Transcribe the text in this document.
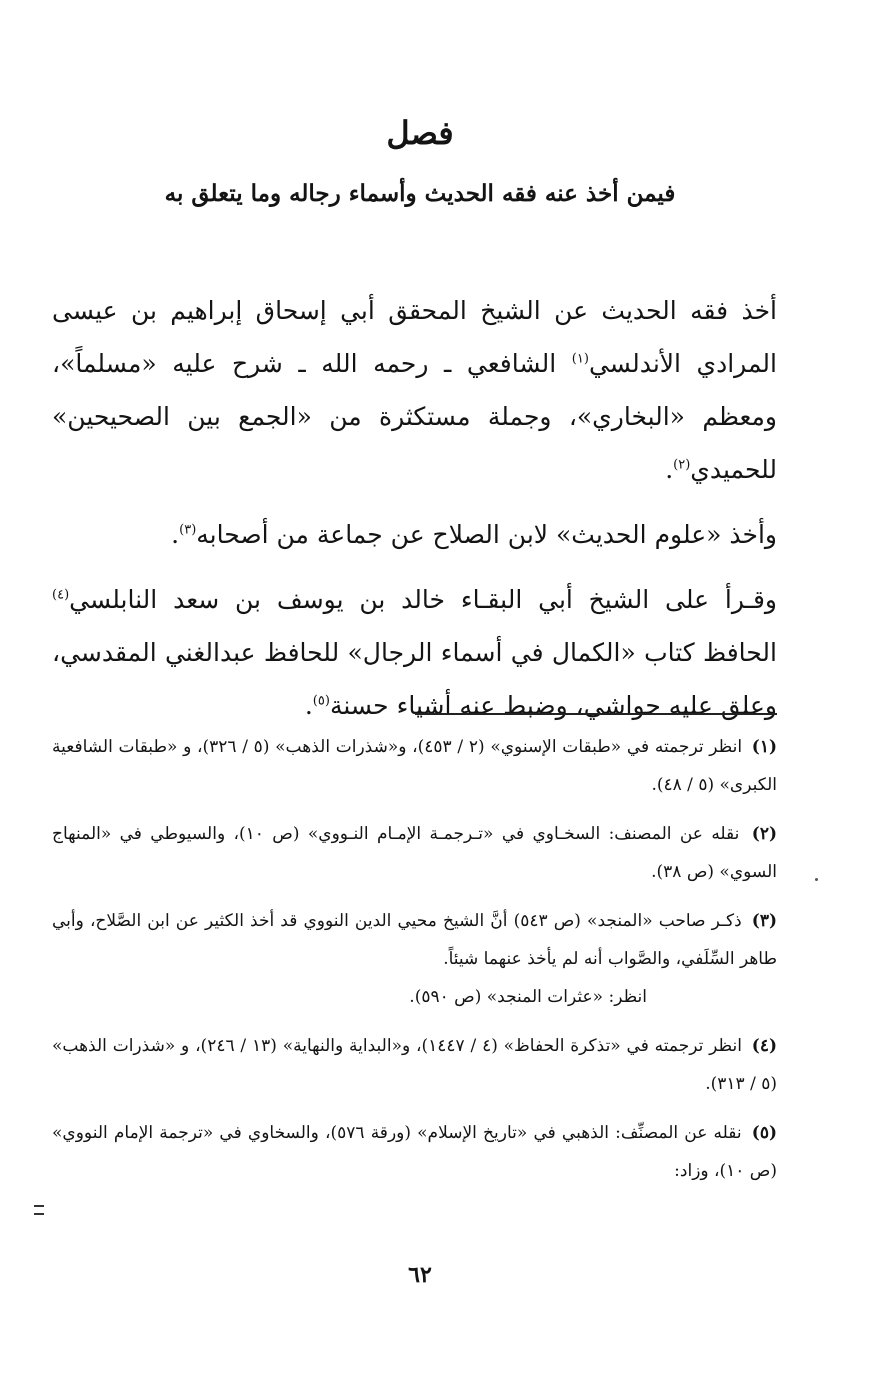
فصل
فيمن أخذ عنه فقه الحديث وأسماء رجاله وما يتعلق به

أخذ فقه الحديث عن الشيخ المحقق أبي إسحاق إبراهيم بن عيسى المرادي الأندلسي$^{(١)}$ الشافعي ـ رحمه الله ـ شرح عليه «مسلماً»، ومعظم «البخاري»، وجملة مستكثرة من «الجمع بين الصحيحين» للحميدي$^{(٢)}$.

وأخذ «علوم الحديث» لابن الصلاح عن جماعة من أصحابه$^{(٣)}$.

وقـرأ على الشيخ أبي البقـاء خالد بن يوسف بن سعد النابلسي$^{(٤)}$ الحافظ كتاب «الكمال في أسماء الرجال» للحافظ عبدالغني المقدسي، وعلق عليه حواشي، وضبط عنه أشياء حسنة$^{(٥)}$.

(١) انظر ترجمته في «طبقات الإسنوي» (٢ / ٤٥٣)، و«شذرات الذهب» (٥ / ٣٢٦)، و «طبقات الشافعية الكبرى» (٥ / ٤٨).
(٢) نقله عن المصنف: السخـاوي في «تـرجمـة الإمـام النـووي» (ص ١٠)، والسيوطي في «المنهاج السوي» (ص ٣٨).
(٣) ذكـر صاحب «المنجد» (ص ٥٤٣) أنَّ الشيخ محيي الدين النووي قد أخذ الكثير عن ابن الصَّلاح، وأبي طاهر السِّلَفي، والصَّواب أنه لم يأخذ عنهما شيئاً.
انظر: «عثرات المنجد» (ص ٥٩٠).
(٤) انظر ترجمته في «تذكرة الحفاظ» (٤ / ١٤٤٧)، و«البداية والنهاية» (١٣ / ٢٤٦)، و «شذرات الذهب» (٥ / ٣١٣).
(٥) نقله عن المصنِّف: الذهبي في «تاريخ الإسلام» (ورقة ٥٧٦)، والسخاوي في «ترجمة الإمام النووي» (ص ١٠)، وزاد:
٦٢
